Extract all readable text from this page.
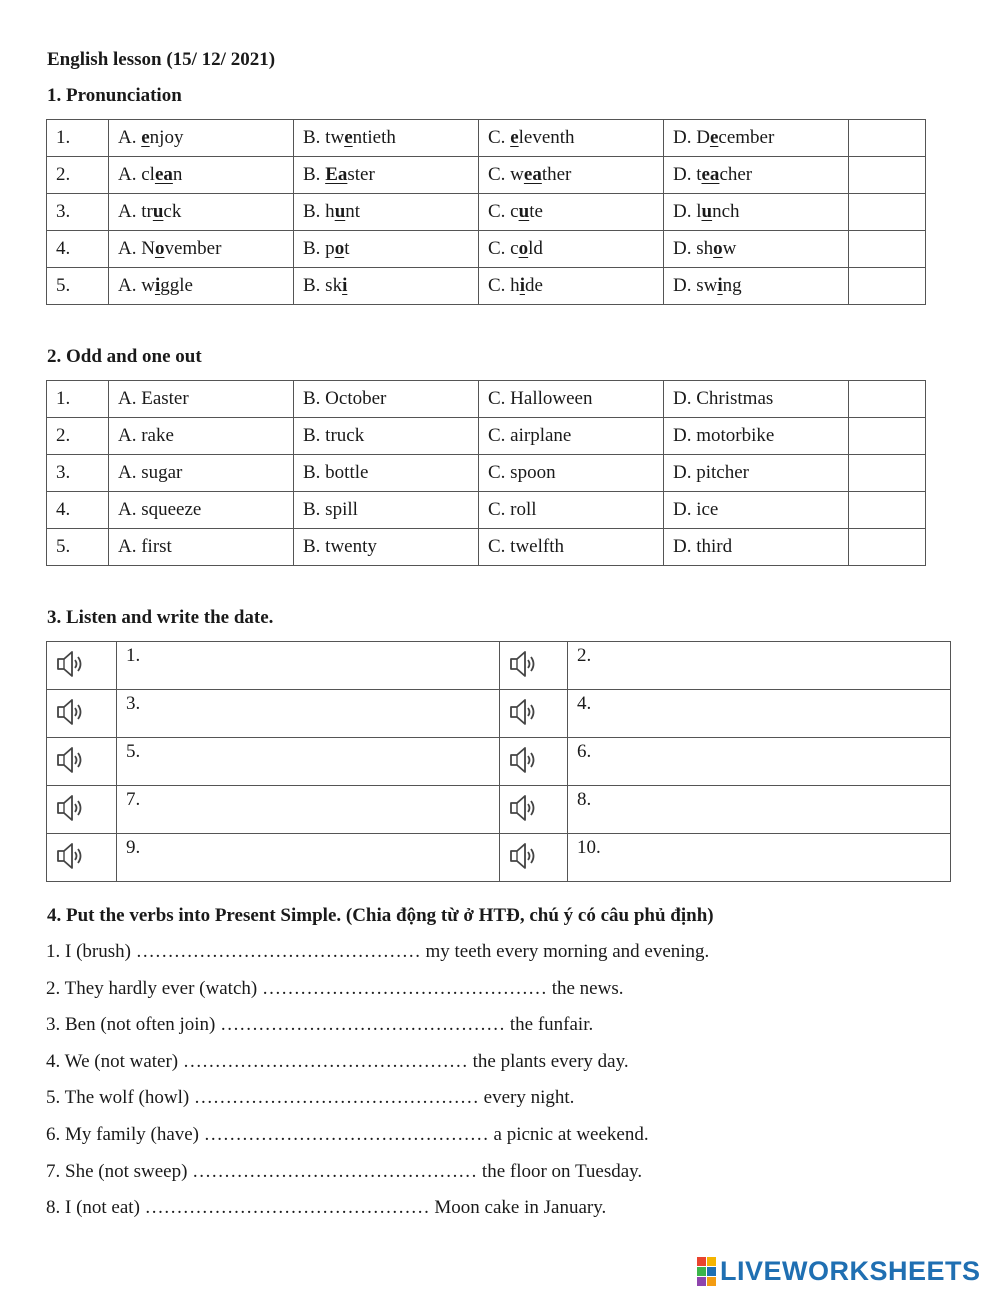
English lesson (15/ 12/ 2021)
1. Pronunciation
1.	A. enjoy	B. twentieth	C. eleventh	D. December	
2.	A. clean	B. Easter	C. weather	D. teacher	
3.	A. truck	B. hunt	C. cute	D. lunch	
4.	A. November	B. pot	C. cold	D. show	
5.	A. wiggle	B. ski	C. hide	D. swing	
2. Odd and one out
1.	A. Easter	B. October	C. Halloween	D. Christmas	
2.	A. rake	B. truck	C. airplane	D. motorbike	
3.	A. sugar	B. bottle	C. spoon	D. pitcher	
4.	A. squeeze	B. spill	C. roll	D. ice	
5.	A. first	B. twenty	C. twelfth	D. third	
3. Listen and write the date.
	1.		2.

	3.		4.

	5.		6.

	7.		8.

	9.		10.
4. Put the verbs into Present Simple. (Chia động từ ở HTĐ, chú ý có câu phủ định)
1. I (brush) ……………………………………… my teeth every morning and evening.
2. They hardly ever (watch) ……………………………………… the news.
3. Ben (not often join) ……………………………………… the funfair.
4. We (not water) ……………………………………… the plants every day.
5. The wolf (howl) ……………………………………… every night.
6. My family (have) ……………………………………… a picnic at weekend.
7. She (not sweep) ……………………………………… the floor on Tuesday.
8. I (not eat) ……………………………………… Moon cake in January.
LIVEWORKSHEETS
